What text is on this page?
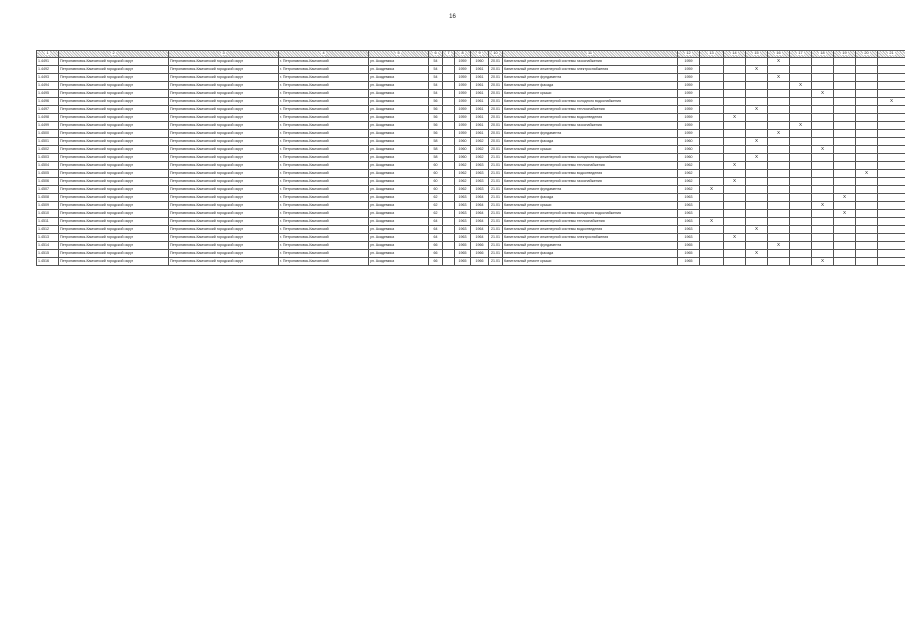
16
1	2	3	4	5	6	7	8	9	10	11	12	13	14	15	16	17	18	19	20	21
1.4491	Петропавловск-Камчатский городской округ	Петропавловск-Камчатский городской округ	г. Петропавловск-Камчатский	ул. Академика	54		1959	1960	20.01	Капитальный ремонт инженерной системы газоснабжения	1959				X					
1.4492	Петропавловск-Камчатский городской округ	Петропавловск-Камчатский городской округ	г. Петропавловск-Камчатский	ул. Академика	54		1959	1961	20.01	Капитальный ремонт инженерной системы электроснабжения	1959			X						
1.4493	Петропавловск-Камчатский городской округ	Петропавловск-Камчатский городской округ	г. Петропавловск-Камчатский	ул. Академика	54		1959	1961	20.01	Капитальный ремонт фундамента	1959				X					
1.4494	Петропавловск-Камчатский городской округ	Петропавловск-Камчатский городской округ	г. Петропавловск-Камчатский	ул. Академика	54		1959	1961	20.01	Капитальный ремонт фасада	1959					X				
1.4495	Петропавловск-Камчатский городской округ	Петропавловск-Камчатский городской округ	г. Петропавловск-Камчатский	ул. Академика	54		1959	1961	20.01	Капитальный ремонт крыши	1959						X			
1.4496	Петропавловск-Камчатский городской округ	Петропавловск-Камчатский городской округ	г. Петропавловск-Камчатский	ул. Академика	56		1959	1961	20.01	Капитальный ремонт инженерной системы холодного водоснабжения	1959									X
1.4497	Петропавловск-Камчатский городской округ	Петропавловск-Камчатский городской округ	г. Петропавловск-Камчатский	ул. Академика	56		1959	1961	20.01	Капитальный ремонт инженерной системы теплоснабжения	1959			X						
1.4498	Петропавловск-Камчатский городской округ	Петропавловск-Камчатский городской округ	г. Петропавловск-Камчатский	ул. Академика	56		1959	1961	20.01	Капитальный ремонт инженерной системы водоотведения	1959		X							
1.4499	Петропавловск-Камчатский городской округ	Петропавловск-Камчатский городской округ	г. Петропавловск-Камчатский	ул. Академика	56		1959	1961	20.01	Капитальный ремонт инженерной системы газоснабжения	1959					X				
1.4500	Петропавловск-Камчатский городской округ	Петропавловск-Камчатский городской округ	г. Петропавловск-Камчатский	ул. Академика	56		1959	1961	20.01	Капитальный ремонт фундамента	1959				X					
1.4501	Петропавловск-Камчатский городской округ	Петропавловск-Камчатский городской округ	г. Петропавловск-Камчатский	ул. Академика	58		1960	1962	20.01	Капитальный ремонт фасада	1960			X						
1.4502	Петропавловск-Камчатский городской округ	Петропавловск-Камчатский городской округ	г. Петропавловск-Камчатский	ул. Академика	58		1960	1962	20.01	Капитальный ремонт крыши	1960						X			
1.4503	Петропавловск-Камчатский городской округ	Петропавловск-Камчатский городской округ	г. Петропавловск-Камчатский	ул. Академика	58		1960	1962	21.01	Капитальный ремонт инженерной системы холодного водоснабжения	1960			X						
1.4504	Петропавловск-Камчатский городской округ	Петропавловск-Камчатский городской округ	г. Петропавловск-Камчатский	ул. Академика	60		1962	1963	21.01	Капитальный ремонт инженерной системы теплоснабжения	1962		X							
1.4505	Петропавловск-Камчатский городской округ	Петропавловск-Камчатский городской округ	г. Петропавловск-Камчатский	ул. Академика	60		1962	1963	21.01	Капитальный ремонт инженерной системы водоотведения	1962								X	
1.4506	Петропавловск-Камчатский городской округ	Петропавловск-Камчатский городской округ	г. Петропавловск-Камчатский	ул. Академика	60		1962	1963	21.01	Капитальный ремонт инженерной системы газоснабжения	1962		X							
1.4507	Петропавловск-Камчатский городской округ	Петропавловск-Камчатский городской округ	г. Петропавловск-Камчатский	ул. Академика	60		1962	1963	21.01	Капитальный ремонт фундамента	1962	X								
1.4508	Петропавловск-Камчатский городской округ	Петропавловск-Камчатский городской округ	г. Петропавловск-Камчатский	ул. Академика	62		1963	1964	21.01	Капитальный ремонт фасада	1963							X		
1.4509	Петропавловск-Камчатский городской округ	Петропавловск-Камчатский городской округ	г. Петропавловск-Камчатский	ул. Академика	62		1963	1964	21.01	Капитальный ремонт крыши	1963						X			
1.4510	Петропавловск-Камчатский городской округ	Петропавловск-Камчатский городской округ	г. Петропавловск-Камчатский	ул. Академика	62		1963	1964	21.01	Капитальный ремонт инженерной системы холодного водоснабжения	1963							X		
1.4511	Петропавловск-Камчатский городской округ	Петропавловск-Камчатский городской округ	г. Петропавловск-Камчатский	ул. Академика	64		1963	1964	21.01	Капитальный ремонт инженерной системы теплоснабжения	1963	X								
1.4512	Петропавловск-Камчатский городской округ	Петропавловск-Камчатский городской округ	г. Петропавловск-Камчатский	ул. Академика	64		1963	1964	21.01	Капитальный ремонт инженерной системы водоотведения	1963			X						
1.4513	Петропавловск-Камчатский городской округ	Петропавловск-Камчатский городской округ	г. Петропавловск-Камчатский	ул. Академика	64		1963	1964	21.01	Капитальный ремонт инженерной системы электроснабжения	1963		X							
1.4514	Петропавловск-Камчатский городской округ	Петропавловск-Камчатский городской округ	г. Петропавловск-Камчатский	ул. Академика	66		1965	1966	21.01	Капитальный ремонт фундамента	1965				X					
1.4515	Петропавловск-Камчатский городской округ	Петропавловск-Камчатский городской округ	г. Петропавловск-Камчатский	ул. Академика	66		1965	1966	21.01	Капитальный ремонт фасада	1965			X						
1.4516	Петропавловск-Камчатский городской округ	Петропавловск-Камчатский городской округ	г. Петропавловск-Камчатский	ул. Академика	66		1965	1966	21.01	Капитальный ремонт крыши	1965						X			
